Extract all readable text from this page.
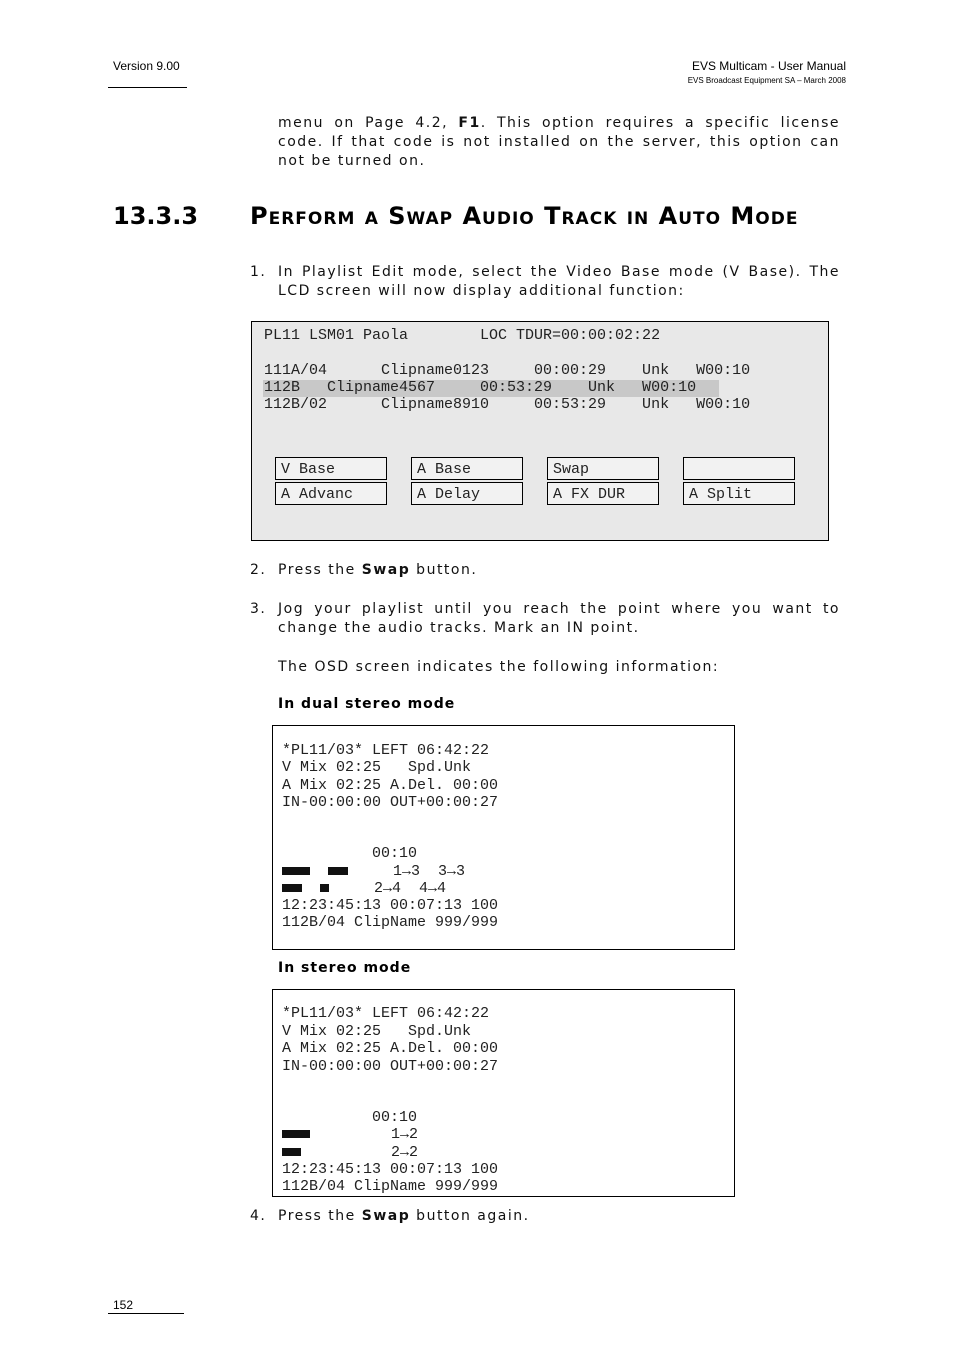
Version 9.00	EVS Multicam - User Manual
EVS Broadcast Equipment SA – March 2008
menu on Page 4.2, F1. This option requires a specific license code. If that code is not installed on the server, this option can not be turned on.
13.3.3 Perform a Swap Audio Track in Auto Mode
1. In Playlist Edit mode, select the Video Base mode (V Base). The LCD screen will now display additional function:
PL11 LSM01 Paola        LOC TDUR=00:00:02:22
111A/04      Clipname0123     00:00:29    Unk   W00:10
112B   Clipname4567     00:53:29    Unk   W00:10
112B/02      Clipname8910     00:53:29    Unk   W00:10
V Base
A Advanc
A Base
A Delay
Swap
A FX DUR	A Split
2. Press the Swap button.
3. Jog your playlist until you reach the point where you want to change the audio tracks. Mark an IN point.
The OSD screen indicates the following information:
In dual stereo mode
*PL11/03* LEFT 06:42:22
V Mix 02:25   Spd.Unk
A Mix 02:25 A.Del. 00:00
IN-00:00:00 OUT+00:00:27
00:10
1→3  3→3
2→4  4→4
12:23:45:13 00:07:13 100
112B/04 ClipName 999/999
In stereo mode
*PL11/03* LEFT 06:42:22
V Mix 02:25   Spd.Unk
A Mix 02:25 A.Del. 00:00
IN-00:00:00 OUT+00:00:27
00:10
1→2
2→2
12:23:45:13 00:07:13 100
112B/04 ClipName 999/999
4. Press the Swap button again.
152
